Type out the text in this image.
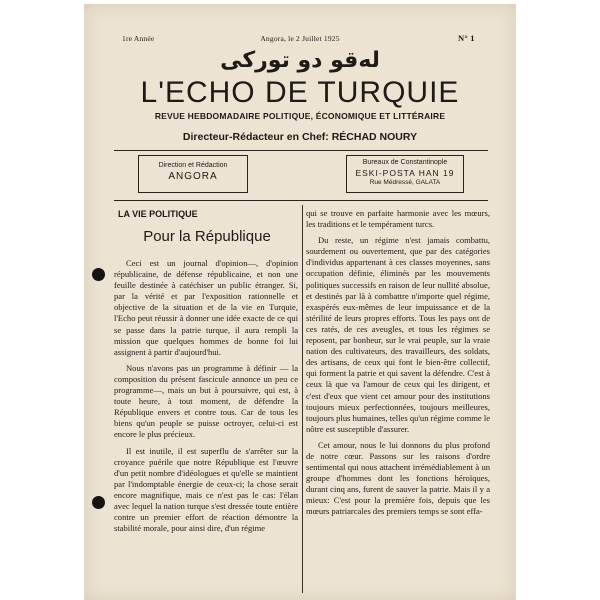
1re Année	Angora, le 2 Juillet 1925	N° 1
لەقو دو تورکی
L'ECHO DE TURQUIE
REVUE HEBDOMADAIRE POLITIQUE, ÉCONOMIQUE ET LITTÉRAIRE
Directeur-Rédacteur en Chef: RÉCHAD NOURY
Direction et Rédaction
ANGORA
Bureaux de Constantinople
ESKI-POSTA HAN 19
Rue Médressé, GALATA
LA VIE POLITIQUE
Pour la République

Ceci est un journal d'opinion—, d'opinion républicaine, de défense républicaine, et non une feuille destinée à catéchiser un public étranger. Si, par la vérité et par l'exposition rationnelle et objective de la situation et de la vie en Turquie, l'Echo peut réussir à donner une idée exacte de ce qui se passe dans la patrie turque, il aura rempli la mission que quelques hommes de bonne foi lui assignent à partir d'aujourd'hui.

Nous n'avons pas un programme à définir — la composition du présent fascicule annonce un peu ce programme—, mais un but à poursuivre, qui est, à toute heure, à tout moment, de défendre la République envers et contre tous. Car de tous les biens qu'un peuple se puisse octroyer, celui-ci est encore le plus précieux.

Il est inutile, il est superflu de s'arrêter sur la croyance puérile que notre République est l'œuvre d'un petit nombre d'idéologues et qu'elle se maintient par l'indomptable énergie de ceux-ci; la chose serait encore magnifique, mais ce n'est pas le cas: l'élan avec lequel la nation turque s'est dressée toute entière contre un premier effort de réaction démontre la stabilité morale, pour ainsi dire, d'un régime

qui se trouve en parfaite harmonie avec les mœurs, les traditions et le tempérament turcs.

Du reste, un régime n'est jamais combattu, sourdement ou ouvertement, que par des catégories d'individus appartenant à ces classes moyennes, sans occupation définie, éliminés par les mouvements politiques successifs en raison de leur nullité absolue, et destinés par là à combattre n'importe quel régime, exaspérés eux-mêmes de leur impuissance et de la stérilité de leurs propres efforts. Tous les pays ont de ces ratés, de ces aveugles, et tous les régimes se reposent, par bonheur, sur le vrai peuple, sur la vraie nation des cultivateurs, des travailleurs, des soldats, des artisans, de ceux qui font le bien-être collectif, qui forment la patrie et qui savent la défendre. C'est à ceux là que va l'amour de ceux qui les dirigent, et c'est d'eux que vient cet amour pour des institutions toujours mieux perfectionnées, toujours meilleures, toujours plus humaines, telles qu'un régime comme le nôtre est susceptible d'assurer.

Cet amour, nous le lui donnons du plus profond de notre cœur. Passons sur les raisons d'ordre sentimental qui nous attachent irrémédiablement à un groupe d'hommes dont les fonctions héroïques, durant cinq ans, furent de sauver la patrie. Mais il y a mieux: C'est pour la première fois, depuis que les mœurs patriarcales des premiers temps se sont effa-
